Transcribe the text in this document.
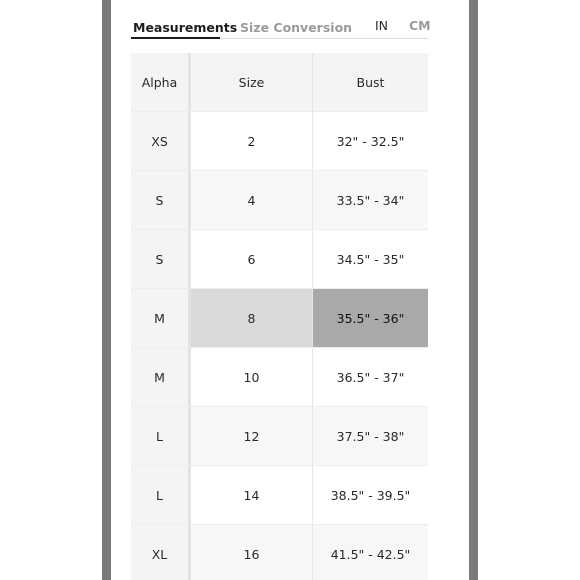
Measurements Size Conversion IN CM
Alpha	Size	Bust
XS	2	32" - 32.5"
S	4	33.5" - 34"
S	6	34.5" - 35"
M	8	35.5" - 36"
M	10	36.5" - 37"
L	12	37.5" - 38"
L	14	38.5" - 39.5"
XL	16	41.5" - 42.5"
